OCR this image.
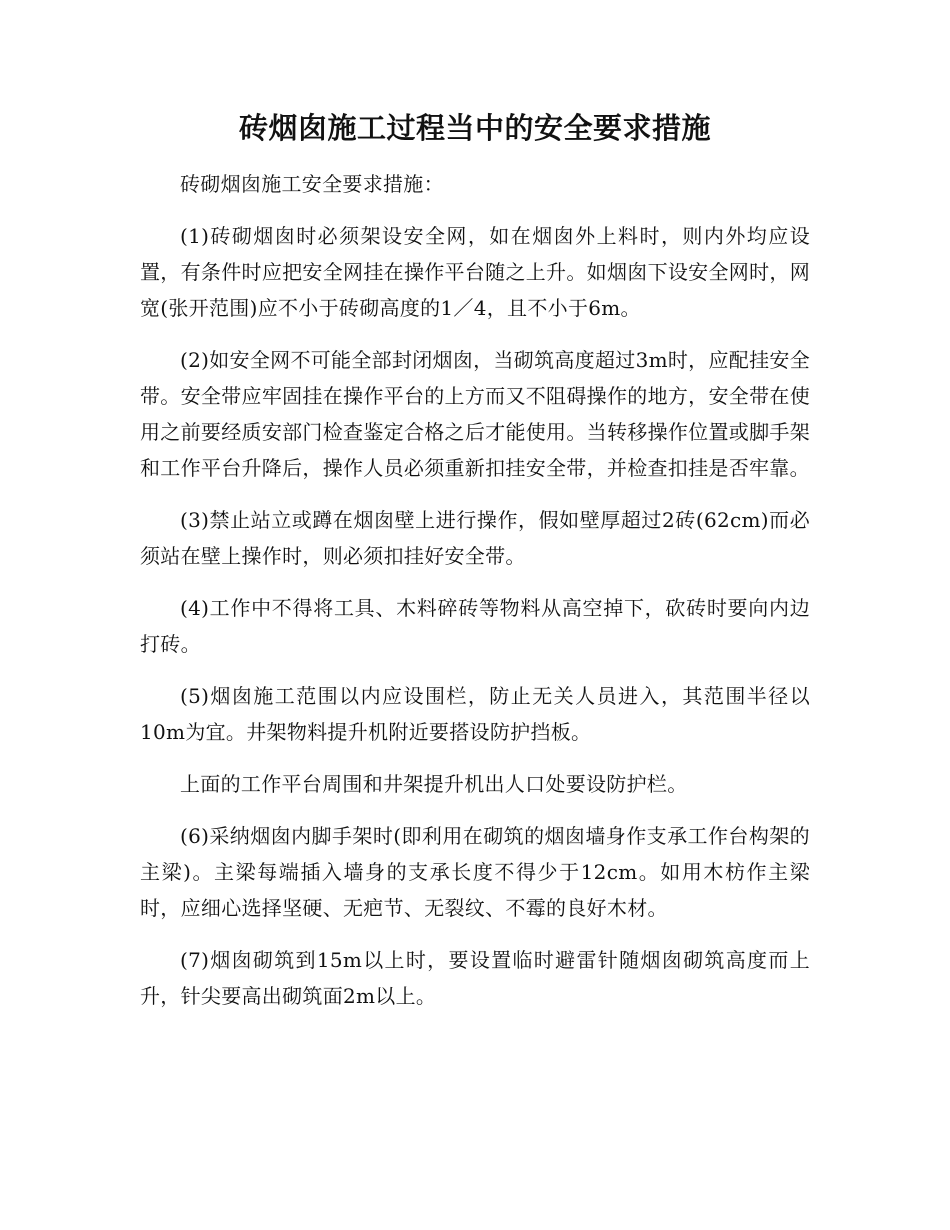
砖烟囱施工过程当中的安全要求措施

砖砌烟囱施工安全要求措施：

(1)砖砌烟囱时必须架设安全网，如在烟囱外上料时，则内外均应设置，有条件时应把安全网挂在操作平台随之上升。如烟囱下设安全网时，网宽(张开范围)应不小于砖砌高度的1／4，且不小于6m。

(2)如安全网不可能全部封闭烟囱，当砌筑高度超过3m时，应配挂安全带。安全带应牢固挂在操作平台的上方而又不阻碍操作的地方，安全带在使用之前要经质安部门检查鉴定合格之后才能使用。当转移操作位置或脚手架和工作平台升降后，操作人员必须重新扣挂安全带，并检查扣挂是否牢靠。

(3)禁止站立或蹲在烟囱壁上进行操作，假如壁厚超过2砖(62cm)而必须站在壁上操作时，则必须扣挂好安全带。

(4)工作中不得将工具、木料碎砖等物料从高空掉下，砍砖时要向内边打砖。

(5)烟囱施工范围以内应设围栏，防止无关人员进入，其范围半径以10m为宜。井架物料提升机附近要搭设防护挡板。

上面的工作平台周围和井架提升机出人口处要设防护栏。

(6)采纳烟囱内脚手架时(即利用在砌筑的烟囱墙身作支承工作台构架的主梁)。主梁每端插入墙身的支承长度不得少于12cm。如用木枋作主梁时，应细心选择坚硬、无疤节、无裂纹、不霉的良好木材。

(7)烟囱砌筑到15m以上时，要设置临时避雷针随烟囱砌筑高度而上升，针尖要高出砌筑面2m以上。
